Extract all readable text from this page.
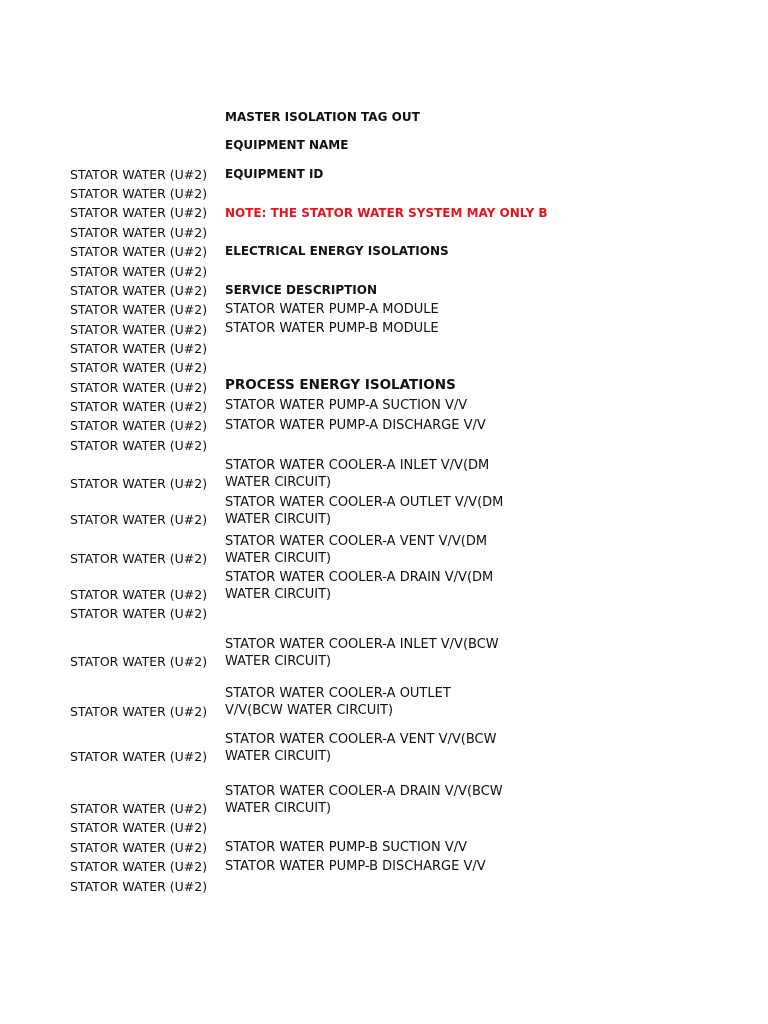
MASTER ISOLATION TAG OUT
EQUIPMENT NAME
EQUIPMENT ID
NOTE: THE STATOR WATER SYSTEM MAY ONLY B
ELECTRICAL ENERGY ISOLATIONS
SERVICE DESCRIPTION
STATOR WATER PUMP-A MODULE
STATOR WATER PUMP-B MODULE
PROCESS ENERGY ISOLATIONS
STATOR WATER PUMP-A SUCTION V/V
STATOR WATER PUMP-A DISCHARGE V/V
STATOR WATER COOLER-A INLET V/V(DM
WATER CIRCUIT)
STATOR WATER COOLER-A OUTLET V/V(DM
WATER CIRCUIT)
STATOR WATER COOLER-A VENT V/V(DM
WATER CIRCUIT)
STATOR WATER COOLER-A DRAIN V/V(DM
WATER CIRCUIT)
STATOR WATER COOLER-A INLET V/V(BCW
WATER CIRCUIT)
STATOR WATER COOLER-A OUTLET
V/V(BCW WATER CIRCUIT)
STATOR WATER COOLER-A VENT V/V(BCW
WATER CIRCUIT)
STATOR WATER COOLER-A DRAIN V/V(BCW
WATER CIRCUIT)
STATOR WATER PUMP-B SUCTION V/V
STATOR WATER PUMP-B DISCHARGE V/V
STATOR WATER (U#2)
STATOR WATER (U#2)
STATOR WATER (U#2)
STATOR WATER (U#2)
STATOR WATER (U#2)
STATOR WATER (U#2)
STATOR WATER (U#2)
STATOR WATER (U#2)
STATOR WATER (U#2)
STATOR WATER (U#2)
STATOR WATER (U#2)
STATOR WATER (U#2)
STATOR WATER (U#2)
STATOR WATER (U#2)
STATOR WATER (U#2)
STATOR WATER (U#2)
STATOR WATER (U#2)
STATOR WATER (U#2)
STATOR WATER (U#2)
STATOR WATER (U#2)
STATOR WATER (U#2)
STATOR WATER (U#2)
STATOR WATER (U#2)
STATOR WATER (U#2)
STATOR WATER (U#2)
STATOR WATER (U#2)
STATOR WATER (U#2)
STATOR WATER (U#2)
